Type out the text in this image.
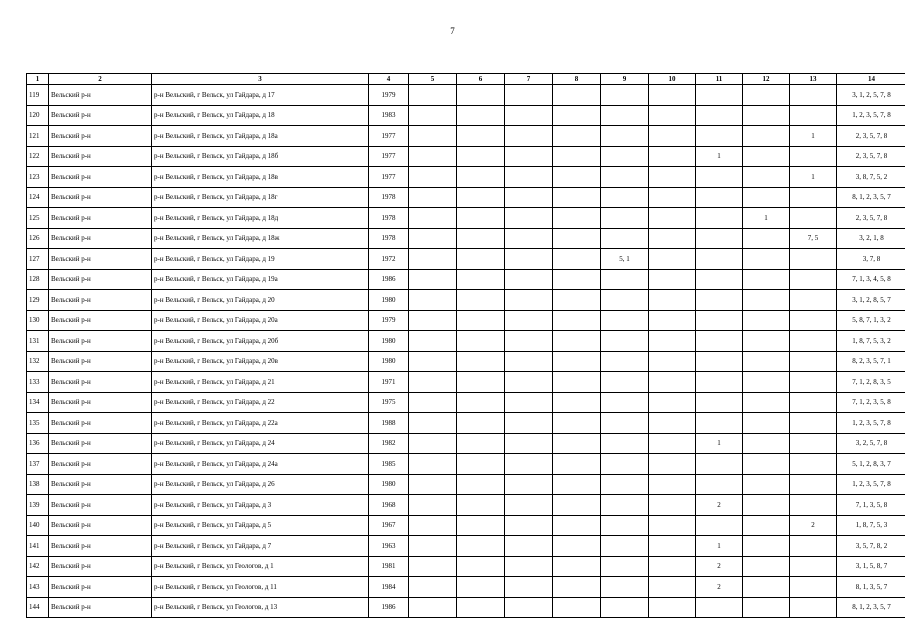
7
1	2	3	4	5	6	7	8	9	10	11	12	13	14
119	Вельский р-н	р-н Вельский, г Вельск, ул Гайдара, д 17	1979										3, 1, 2, 5, 7, 8
120	Вельский р-н	р-н Вельский, г Вельск, ул Гайдара, д 18	1983										1, 2, 3, 5, 7, 8
121	Вельский р-н	р-н Вельский, г Вельск, ул Гайдара, д 18а	1977									1	2, 3, 5, 7, 8
122	Вельский р-н	р-н Вельский, г Вельск, ул Гайдара, д 18б	1977							1			2, 3, 5, 7, 8
123	Вельский р-н	р-н Вельский, г Вельск, ул Гайдара, д 18в	1977									1	3, 8, 7, 5, 2
124	Вельский р-н	р-н Вельский, г Вельск, ул Гайдара, д 18г	1978										8, 1, 2, 3, 5, 7
125	Вельский р-н	р-н Вельский, г Вельск, ул Гайдара, д 18д	1978								1		2, 3, 5, 7, 8
126	Вельский р-н	р-н Вельский, г Вельск, ул Гайдара, д 18ж	1978									7, 5	3, 2, 1, 8
127	Вельский р-н	р-н Вельский, г Вельск, ул Гайдара, д 19	1972					5, 1					3, 7, 8
128	Вельский р-н	р-н Вельский, г Вельск, ул Гайдара, д 19а	1986										7, 1, 3, 4, 5, 8
129	Вельский р-н	р-н Вельский, г Вельск, ул Гайдара, д 20	1980										3, 1, 2, 8, 5, 7
130	Вельский р-н	р-н Вельский, г Вельск, ул Гайдара, д 20а	1979										5, 8, 7, 1, 3, 2
131	Вельский р-н	р-н Вельский, г Вельск, ул Гайдара, д 20б	1980										1, 8, 7, 5, 3, 2
132	Вельский р-н	р-н Вельский, г Вельск, ул Гайдара, д 20в	1980										8, 2, 3, 5, 7, 1
133	Вельский р-н	р-н Вельский, г Вельск, ул Гайдара, д 21	1971										7, 1, 2, 8, 3, 5
134	Вельский р-н	р-н Вельский, г Вельск, ул Гайдара, д 22	1975										7, 1, 2, 3, 5, 8
135	Вельский р-н	р-н Вельский, г Вельск, ул Гайдара, д 22а	1988										1, 2, 3, 5, 7, 8
136	Вельский р-н	р-н Вельский, г Вельск, ул Гайдара, д 24	1982							1			3, 2, 5, 7, 8
137	Вельский р-н	р-н Вельский, г Вельск, ул Гайдара, д 24а	1985										5, 1, 2, 8, 3, 7
138	Вельский р-н	р-н Вельский, г Вельск, ул Гайдара, д 26	1980										1, 2, 3, 5, 7, 8
139	Вельский р-н	р-н Вельский, г Вельск, ул Гайдара, д 3	1968							2			7, 1, 3, 5, 8
140	Вельский р-н	р-н Вельский, г Вельск, ул Гайдара, д 5	1967									2	1, 8, 7, 5, 3
141	Вельский р-н	р-н Вельский, г Вельск, ул Гайдара, д 7	1963							1			3, 5, 7, 8, 2
142	Вельский р-н	р-н Вельский, г Вельск, ул Геологов, д 1	1981							2			3, 1, 5, 8, 7
143	Вельский р-н	р-н Вельский, г Вельск, ул Геологов, д 11	1984							2			8, 1, 3, 5, 7
144	Вельский р-н	р-н Вельский, г Вельск, ул Геологов, д 13	1986										8, 1, 2, 3, 5, 7
